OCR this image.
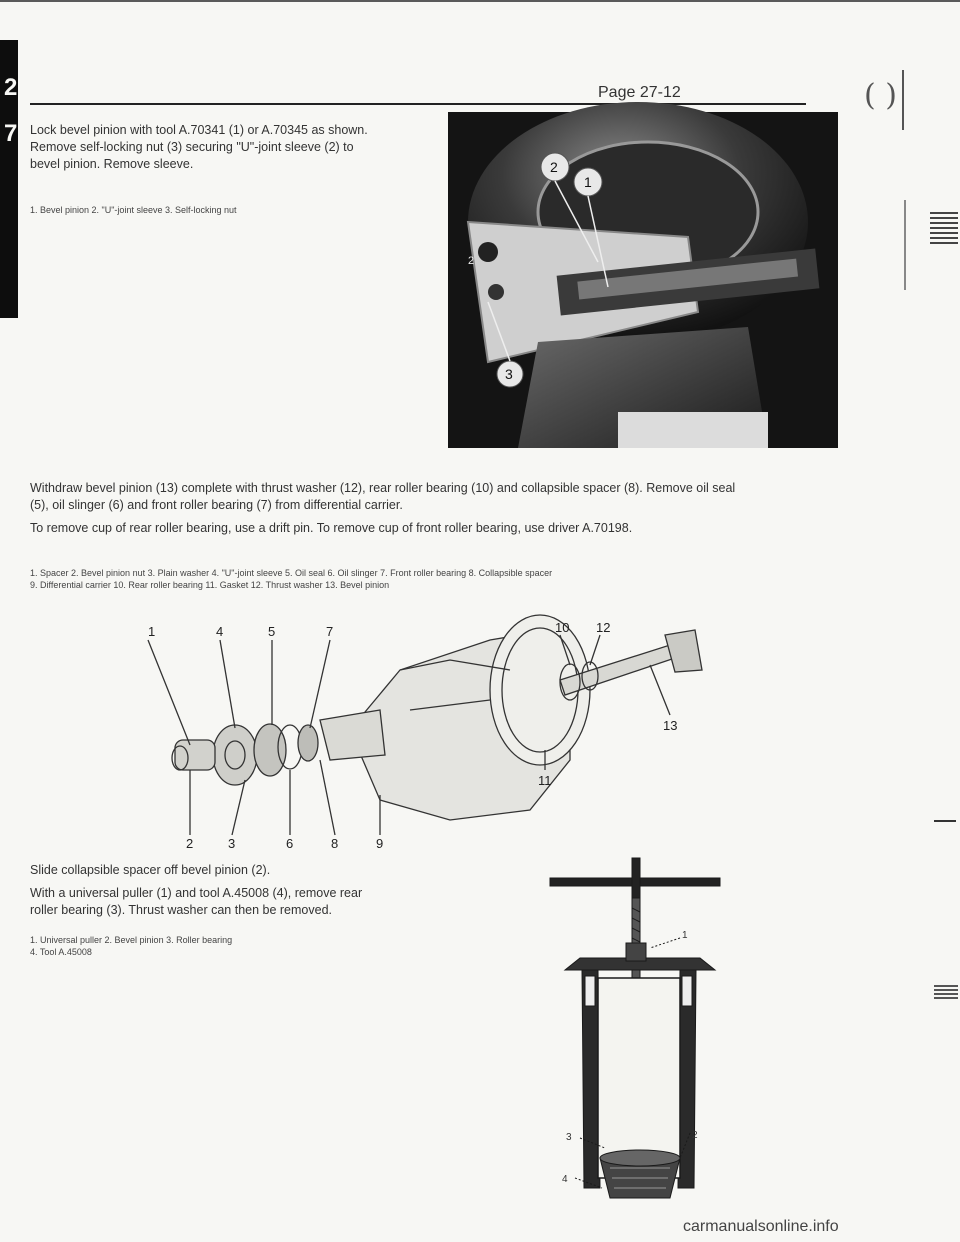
2
7
Page 27-12	( )
Lock bevel pinion with tool A.70341 (1) or A.70345 as shown.
Remove self-locking nut (3) securing "U"-joint sleeve (2) to
bevel pinion. Remove sleeve.
1. Bevel pinion 2. "U"-joint sleeve 3. Self-locking nut
2
1
2
3
Withdraw bevel pinion (13) complete with thrust washer (12), rear roller bearing (10) and collapsible spacer (8). Remove oil seal
(5), oil slinger (6) and front roller bearing (7) from differential carrier.
To remove cup of rear roller bearing, use a drift pin. To remove cup of front roller bearing, use driver A.70198.
1. Spacer 2. Bevel pinion nut 3. Plain washer 4. "U"-joint sleeve 5. Oil seal 6. Oil slinger 7. Front roller bearing 8. Collapsible spacer
9. Differential carrier 10. Rear roller bearing 11. Gasket 12. Thrust washer 13. Bevel pinion
1	4	5	7	10 12
2	3	6	8	9
11
13
Slide collapsible spacer off bevel pinion (2).
With a universal puller (1) and tool A.45008 (4), remove rear
roller bearing (3). Thrust washer can then be removed.
1. Universal puller 2. Bevel pinion 3. Roller bearing
4. Tool A.45008
1
3	2
4
carmanualsonline.info
